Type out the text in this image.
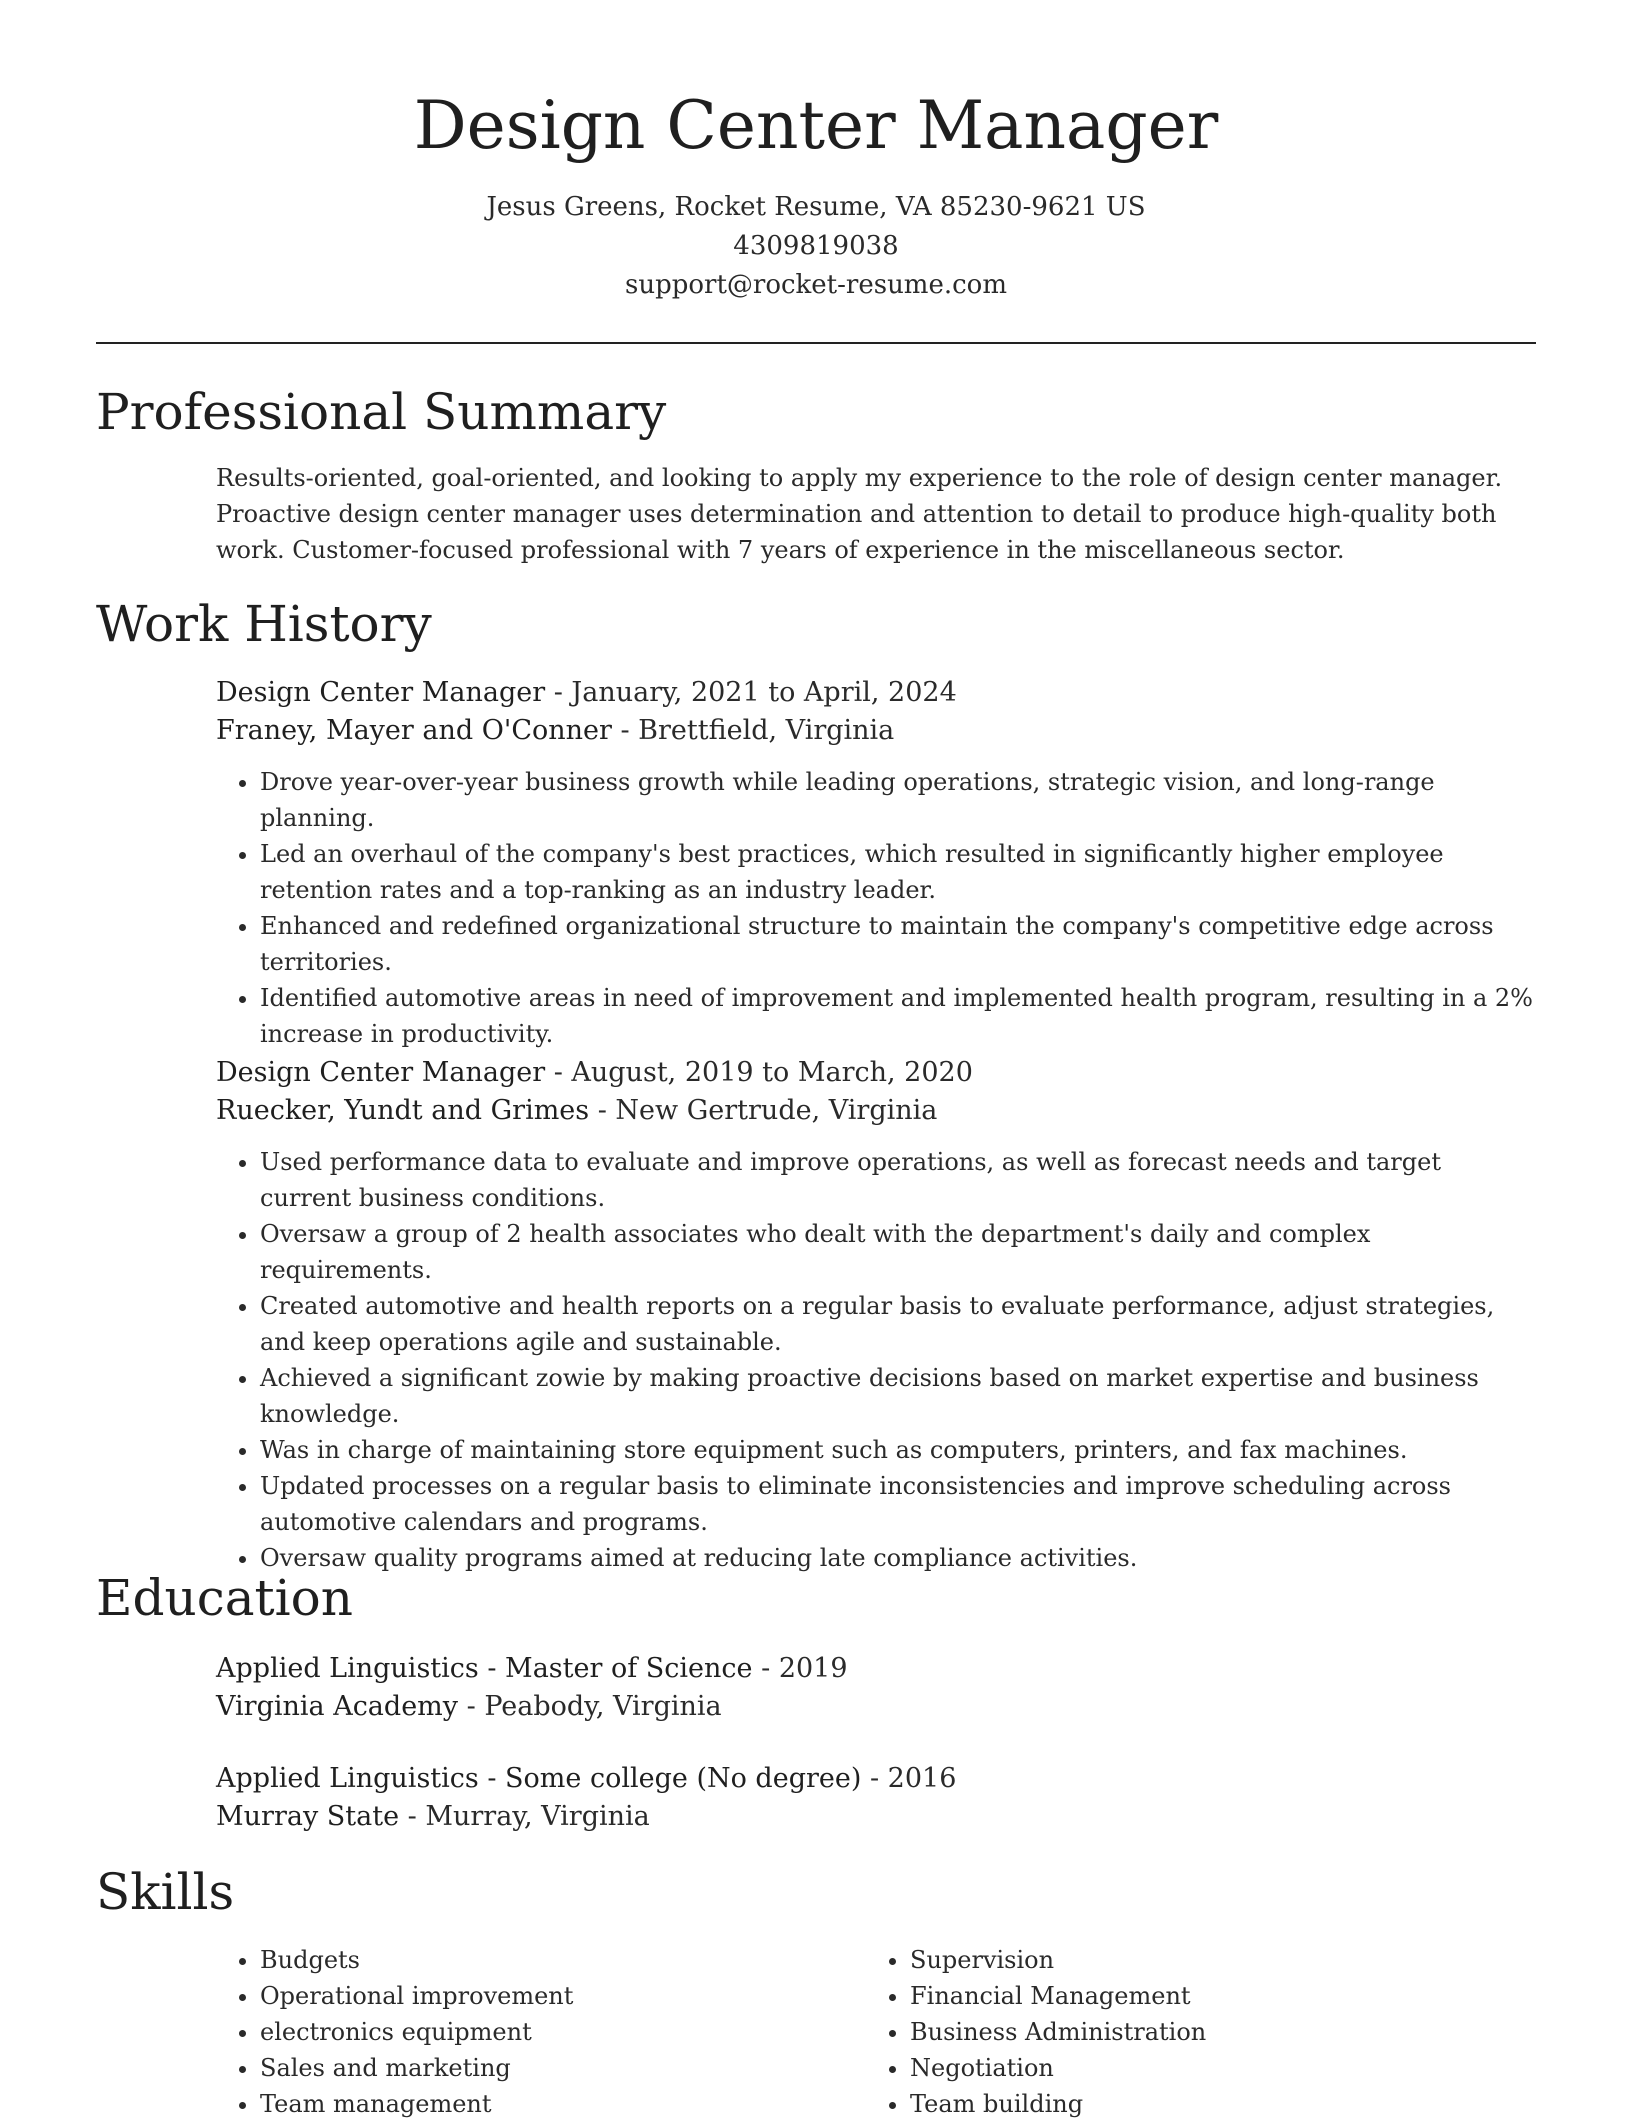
Design Center Manager

Jesus Greens, Rocket Resume, VA 85230-9621 US

4309819038

support@rocket-resume.com

Professional Summary

Results-oriented, goal-oriented, and looking to apply my experience to the role of design center manager.

Proactive design center manager uses determination and attention to detail to produce high-quality both

work. Customer-focused professional with 7 years of experience in the miscellaneous sector.

Work History

Design Center Manager - January, 2021 to April, 2024

Franey, Mayer and O'Conner - Brettfield, Virginia

• Drove year-over-year business growth while leading operations, strategic vision, and long-range planning.
• Led an overhaul of the company's best practices, which resulted in significantly higher employee retention rates and a top-ranking as an industry leader.
• Enhanced and redefined organizational structure to maintain the company's competitive edge across territories.
• Identified automotive areas in need of improvement and implemented health program, resulting in a 2% increase in productivity.

Design Center Manager - August, 2019 to March, 2020

Ruecker, Yundt and Grimes - New Gertrude, Virginia

• Used performance data to evaluate and improve operations, as well as forecast needs and target current business conditions.
• Oversaw a group of 2 health associates who dealt with the department's daily and complex requirements.
• Created automotive and health reports on a regular basis to evaluate performance, adjust strategies, and keep operations agile and sustainable.
• Achieved a significant zowie by making proactive decisions based on market expertise and business knowledge.
• Was in charge of maintaining store equipment such as computers, printers, and fax machines.
• Updated processes on a regular basis to eliminate inconsistencies and improve scheduling across automotive calendars and programs.
• Oversaw quality programs aimed at reducing late compliance activities.
Education

Applied Linguistics - Master of Science - 2019

Virginia Academy - Peabody, Virginia

Applied Linguistics - Some college (No degree) - 2016

Murray State - Murray, Virginia

Skills
• Budgets
• Operational improvement
• electronics equipment
• Sales and marketing
• Team management
• Supervision
• Financial Management
• Business Administration
• Negotiation
• Team building
